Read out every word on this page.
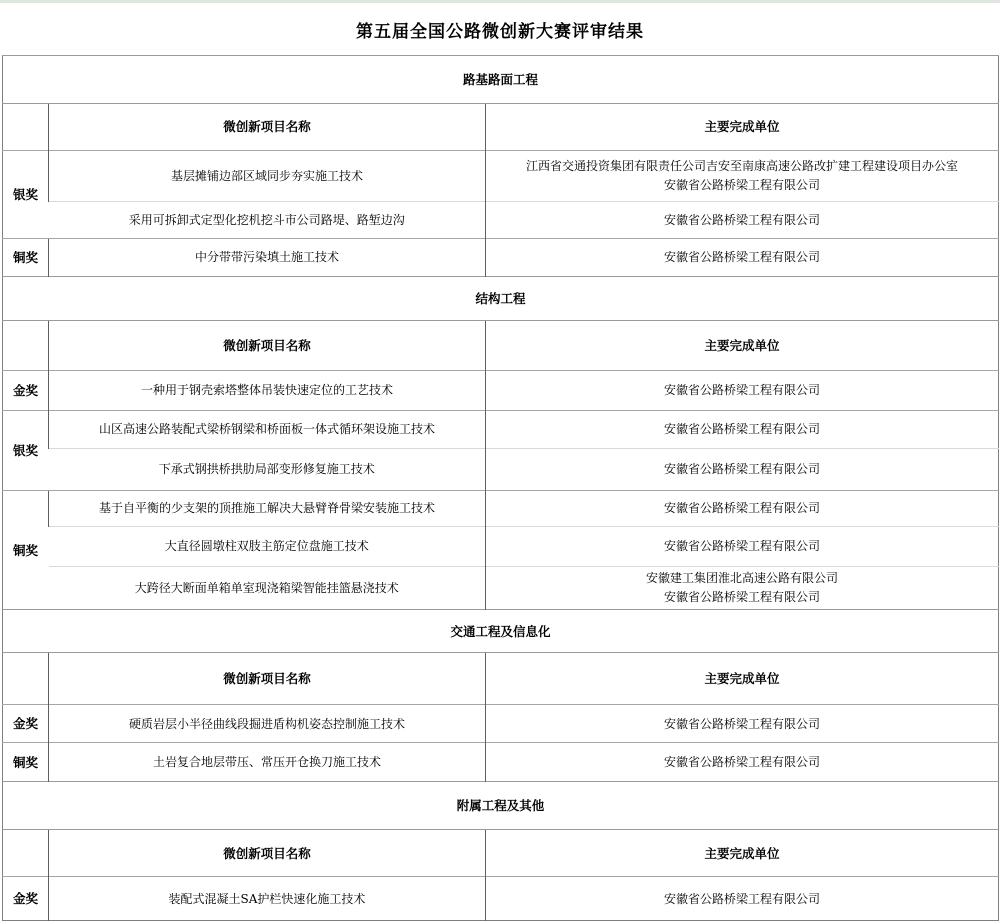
第五届全国公路微创新大赛评审结果
路基路面工程		
	微创新项目名称	主要完成单位
银奖	基层摊铺边部区域同步夯实施工技术	江西省交通投资集团有限责任公司吉安至南康高速公路改扩建工程建设项目办公室
安徽省公路桥梁工程有限公司

	采用可拆卸式定型化挖机挖斗市公司路堤、路堑边沟	安徽省公路桥梁工程有限公司
铜奖	中分带带污染填土施工技术	安徽省公路桥梁工程有限公司
结构工程		
	微创新项目名称	主要完成单位
金奖	一种用于钢壳索塔整体吊装快速定位的工艺技术	安徽省公路桥梁工程有限公司
银奖	山区高速公路装配式梁桥钢梁和桥面板一体式循环架设施工技术	安徽省公路桥梁工程有限公司
	下承式钢拱桥拱肋局部变形修复施工技术	安徽省公路桥梁工程有限公司
铜奖	基于自平衡的少支架的顶推施工解决大悬臂脊骨梁安装施工技术	安徽省公路桥梁工程有限公司
	大直径圆墩柱双肢主筋定位盘施工技术	安徽省公路桥梁工程有限公司
	大跨径大断面单箱单室现浇箱梁智能挂篮悬浇技术	安徽建工集团淮北高速公路有限公司
安徽省公路桥梁工程有限公司

交通工程及信息化		
	微创新项目名称	主要完成单位
金奖	硬质岩层小半径曲线段掘进盾构机姿态控制施工技术	安徽省公路桥梁工程有限公司
铜奖	土岩复合地层带压、常压开仓换刀施工技术	安徽省公路桥梁工程有限公司
附属工程及其他		
	微创新项目名称	主要完成单位
金奖	装配式混凝土SA护栏快速化施工技术	安徽省公路桥梁工程有限公司
